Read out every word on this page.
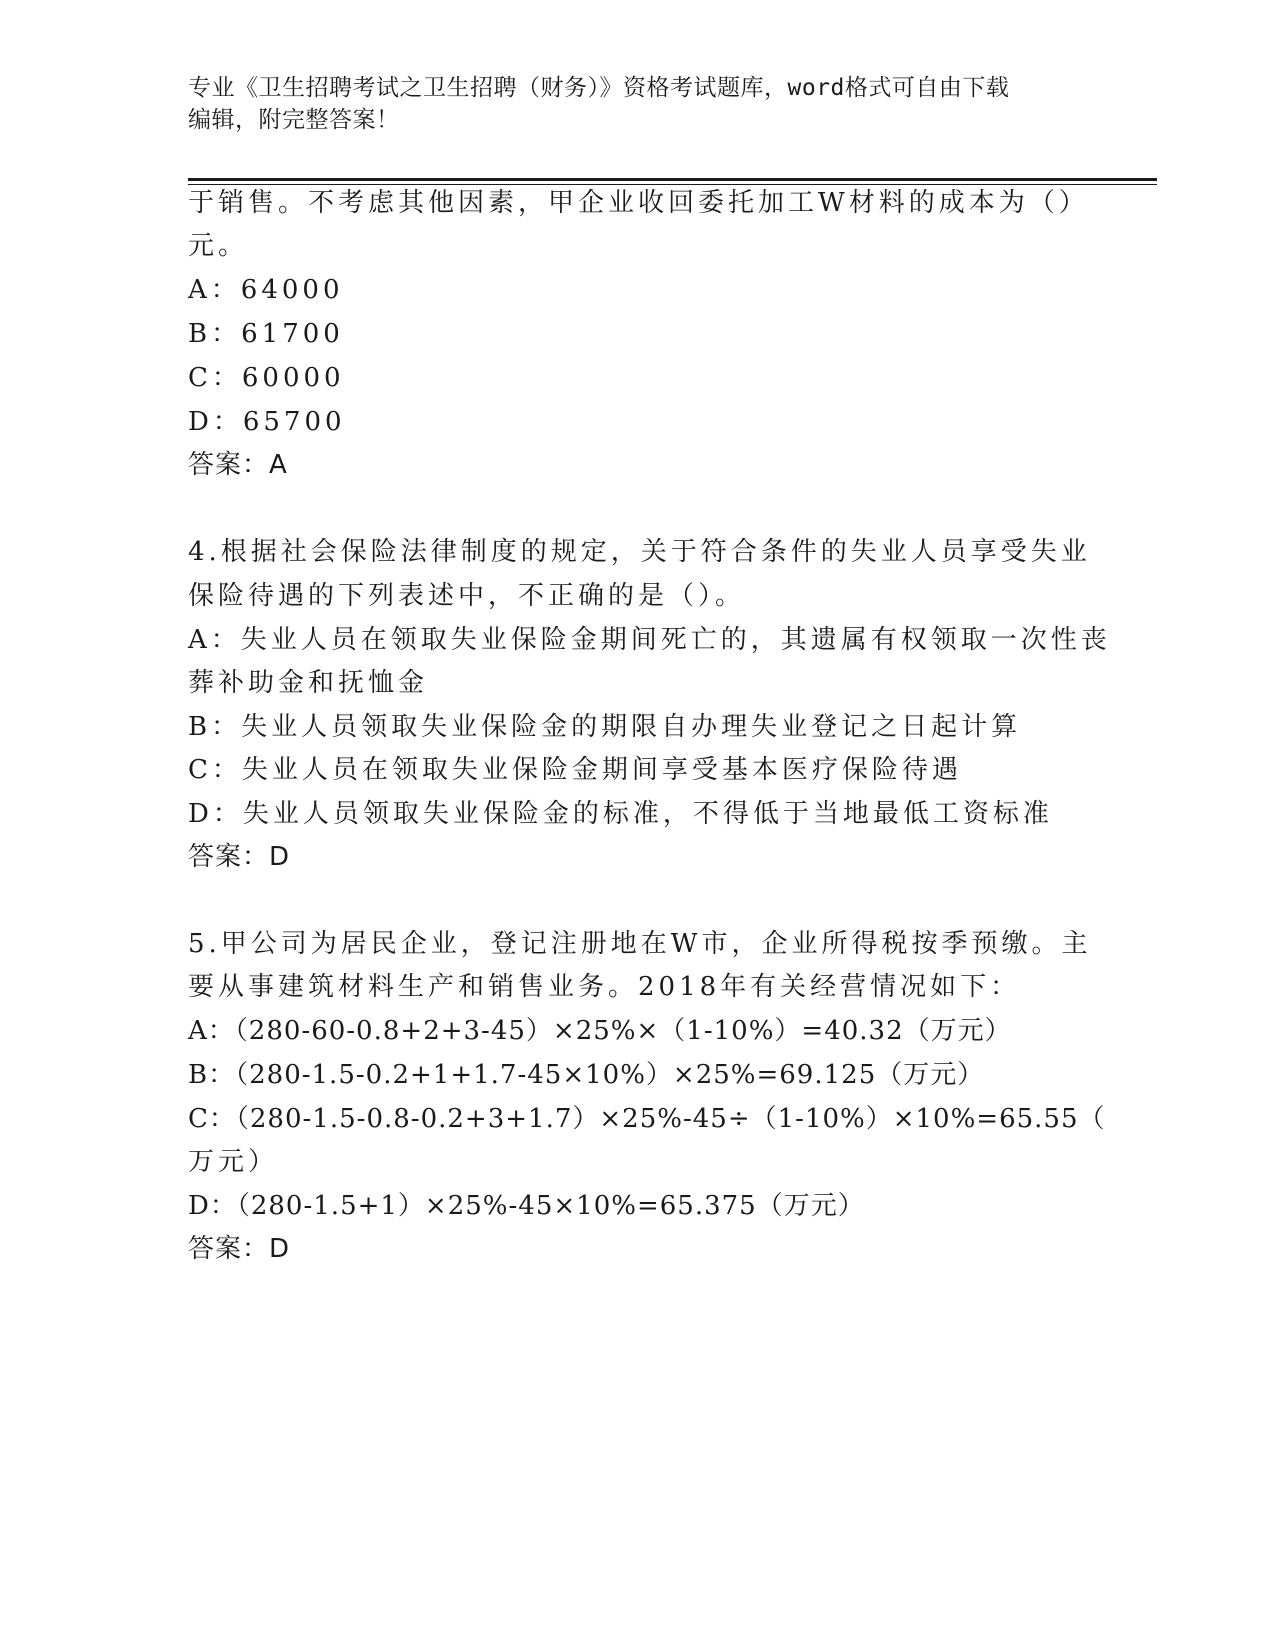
专业《卫生招聘考试之卫生招聘（财务）》资格考试题库，word格式可自由下载
编辑，附完整答案！
于销售。不考虑其他因素，甲企业收回委托加工W材料的成本为（）
元。
A：64000
B：61700
C：60000
D：65700
答案：A
4.根据社会保险法律制度的规定，关于符合条件的失业人员享受失业
保险待遇的下列表述中，不正确的是（）。
A：失业人员在领取失业保险金期间死亡的，其遗属有权领取一次性丧
葬补助金和抚恤金
B：失业人员领取失业保险金的期限自办理失业登记之日起计算
C：失业人员在领取失业保险金期间享受基本医疗保险待遇
D：失业人员领取失业保险金的标准，不得低于当地最低工资标准
答案：D
5.甲公司为居民企业，登记注册地在W市，企业所得税按季预缴。主
要从事建筑材料生产和销售业务。2018年有关经营情况如下：
A：（280-60-0.8+2+3-45）×25%×（1-10%）=40.32（万元）
B：（280-1.5-0.2+1+1.7-45×10%）×25%=69.125（万元）
C：（280-1.5-0.8-0.2+3+1.7）×25%-45÷（1-10%）×10%=65.55（
万元）
D：（280-1.5+1）×25%-45×10%=65.375（万元）
答案：D
